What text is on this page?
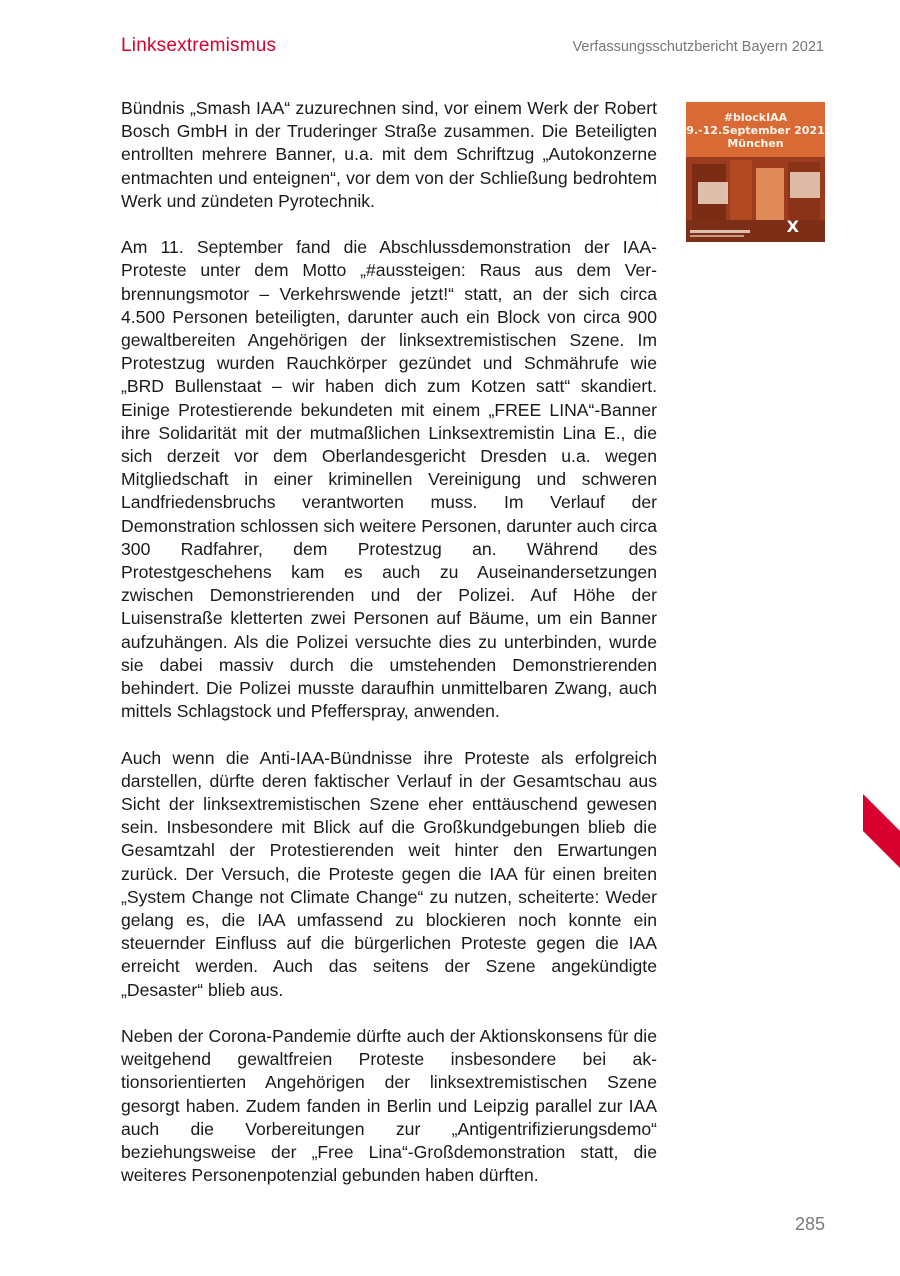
Linksextremismus	Verfassungsschutzbericht Bayern 2021

Bündnis „Smash IAA“ zuzurechnen sind, vor einem Werk der Robert Bosch GmbH in der Truderinger Straße zusammen. Die Beteiligten entrollten mehrere Banner, u.a. mit dem Schriftzug „Autokonzerne entmachten und enteignen“, vor dem von der Schließung bedrohtem Werk und zündeten Pyrotechnik.

Am 11. September fand die Abschlussdemonstration der IAA-Proteste unter dem Motto „#aussteigen: Raus aus dem Verbrennungsmotor – Verkehrswende jetzt!“ statt, an der sich circa 4.500 Personen beteiligten, darunter auch ein Block von circa 900 gewaltbereiten Angehörigen der linksextremistischen Szene. Im Protestzug wurden Rauchkörper gezündet und Schmährufe wie „BRD Bullenstaat – wir haben dich zum Kotzen satt“ skandiert. Einige Protestierende bekundeten mit einem „FREE LINA“-Banner ihre Solidarität mit der mutmaßlichen Linksextremistin Lina E., die sich derzeit vor dem Oberlandesgericht Dresden u.a. wegen Mitgliedschaft in einer kriminellen Vereinigung und schweren Landfriedensbruchs verantworten muss. Im Verlauf der Demonstration schlossen sich weitere Personen, darunter auch circa 300 Radfahrer, dem Protestzug an. Während des Protestgeschehens kam es auch zu Auseinandersetzungen zwischen Demonstrierenden und der Polizei. Auf Höhe der Luisenstraße kletterten zwei Personen auf Bäume, um ein Banner aufzuhängen. Als die Polizei versuchte dies zu unterbinden, wurde sie dabei massiv durch die umstehenden Demonstrierenden behindert. Die Polizei musste daraufhin unmittelbaren Zwang, auch mittels Schlagstock und Pfefferspray, anwenden.

Auch wenn die Anti-IAA-Bündnisse ihre Proteste als erfolgreich darstellen, dürfte deren faktischer Verlauf in der Gesamtschau aus Sicht der linksextremistischen Szene eher enttäuschend gewesen sein. Insbesondere mit Blick auf die Großkundgebungen blieb die Gesamtzahl der Protestierenden weit hinter den Erwartungen zurück. Der Versuch, die Proteste gegen die IAA für einen breiten „System Change not Climate Change“ zu nutzen, scheiterte: Weder gelang es, die IAA umfassend zu blockieren noch konnte ein steuernder Einfluss auf die bürgerlichen Proteste gegen die IAA erreicht werden. Auch das seitens der Szene angekündigte „Desaster“ blieb aus.

Neben der Corona-Pandemie dürfte auch der Aktionskonsens für die weitgehend gewaltfreien Proteste insbesondere bei aktionsorientierten Angehörigen der linksextremistischen Szene gesorgt haben. Zudem fanden in Berlin und Leipzig parallel zur IAA auch die Vorbereitungen zur „Antigentrifizierungsdemo“ beziehungsweise der „Free Lina“-Großdemonstration statt, die weiteres Personenpotenzial gebunden haben dürften.

#blockIAA
9.-12.September 2021
München
X
285
